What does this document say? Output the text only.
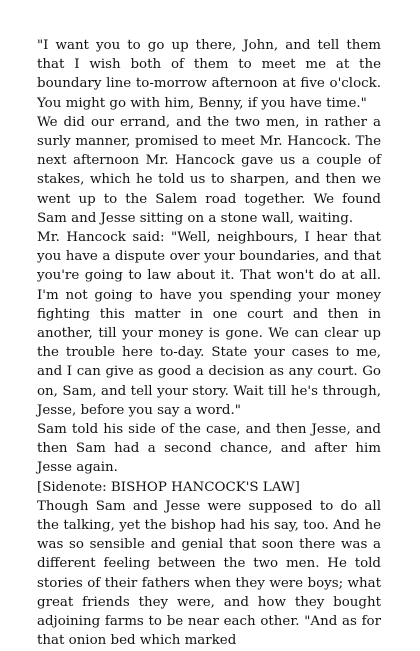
"I want you to go up there, John, and tell them that I wish both of them to meet me at the boundary line to-morrow afternoon at five o'clock. You might go with him, Benny, if you have time."

We did our errand, and the two men, in rather a surly manner, promised to meet Mr. Hancock. The next afternoon Mr. Hancock gave us a couple of stakes, which he told us to sharpen, and then we went up to the Salem road together. We found Sam and Jesse sitting on a stone wall, waiting.

Mr. Hancock said: "Well, neighbours, I hear that you have a dispute over your boundaries, and that you're going to law about it. That won't do at all. I'm not going to have you spending your money fighting this matter in one court and then in another, till your money is gone. We can clear up the trouble here to-day. State your cases to me, and I can give as good a decision as any court. Go on, Sam, and tell your story. Wait till he's through, Jesse, before you say a word."

Sam told his side of the case, and then Jesse, and then Sam had a second chance, and after him Jesse again.

[Sidenote: BISHOP HANCOCK'S LAW]

Though Sam and Jesse were supposed to do all the talking, yet the bishop had his say, too. And he was so sensible and genial that soon there was a different feeling between the two men. He told stories of their fathers when they were boys; what great friends they were, and how they bought adjoining farms to be near each other. "And as for that onion bed which marked
